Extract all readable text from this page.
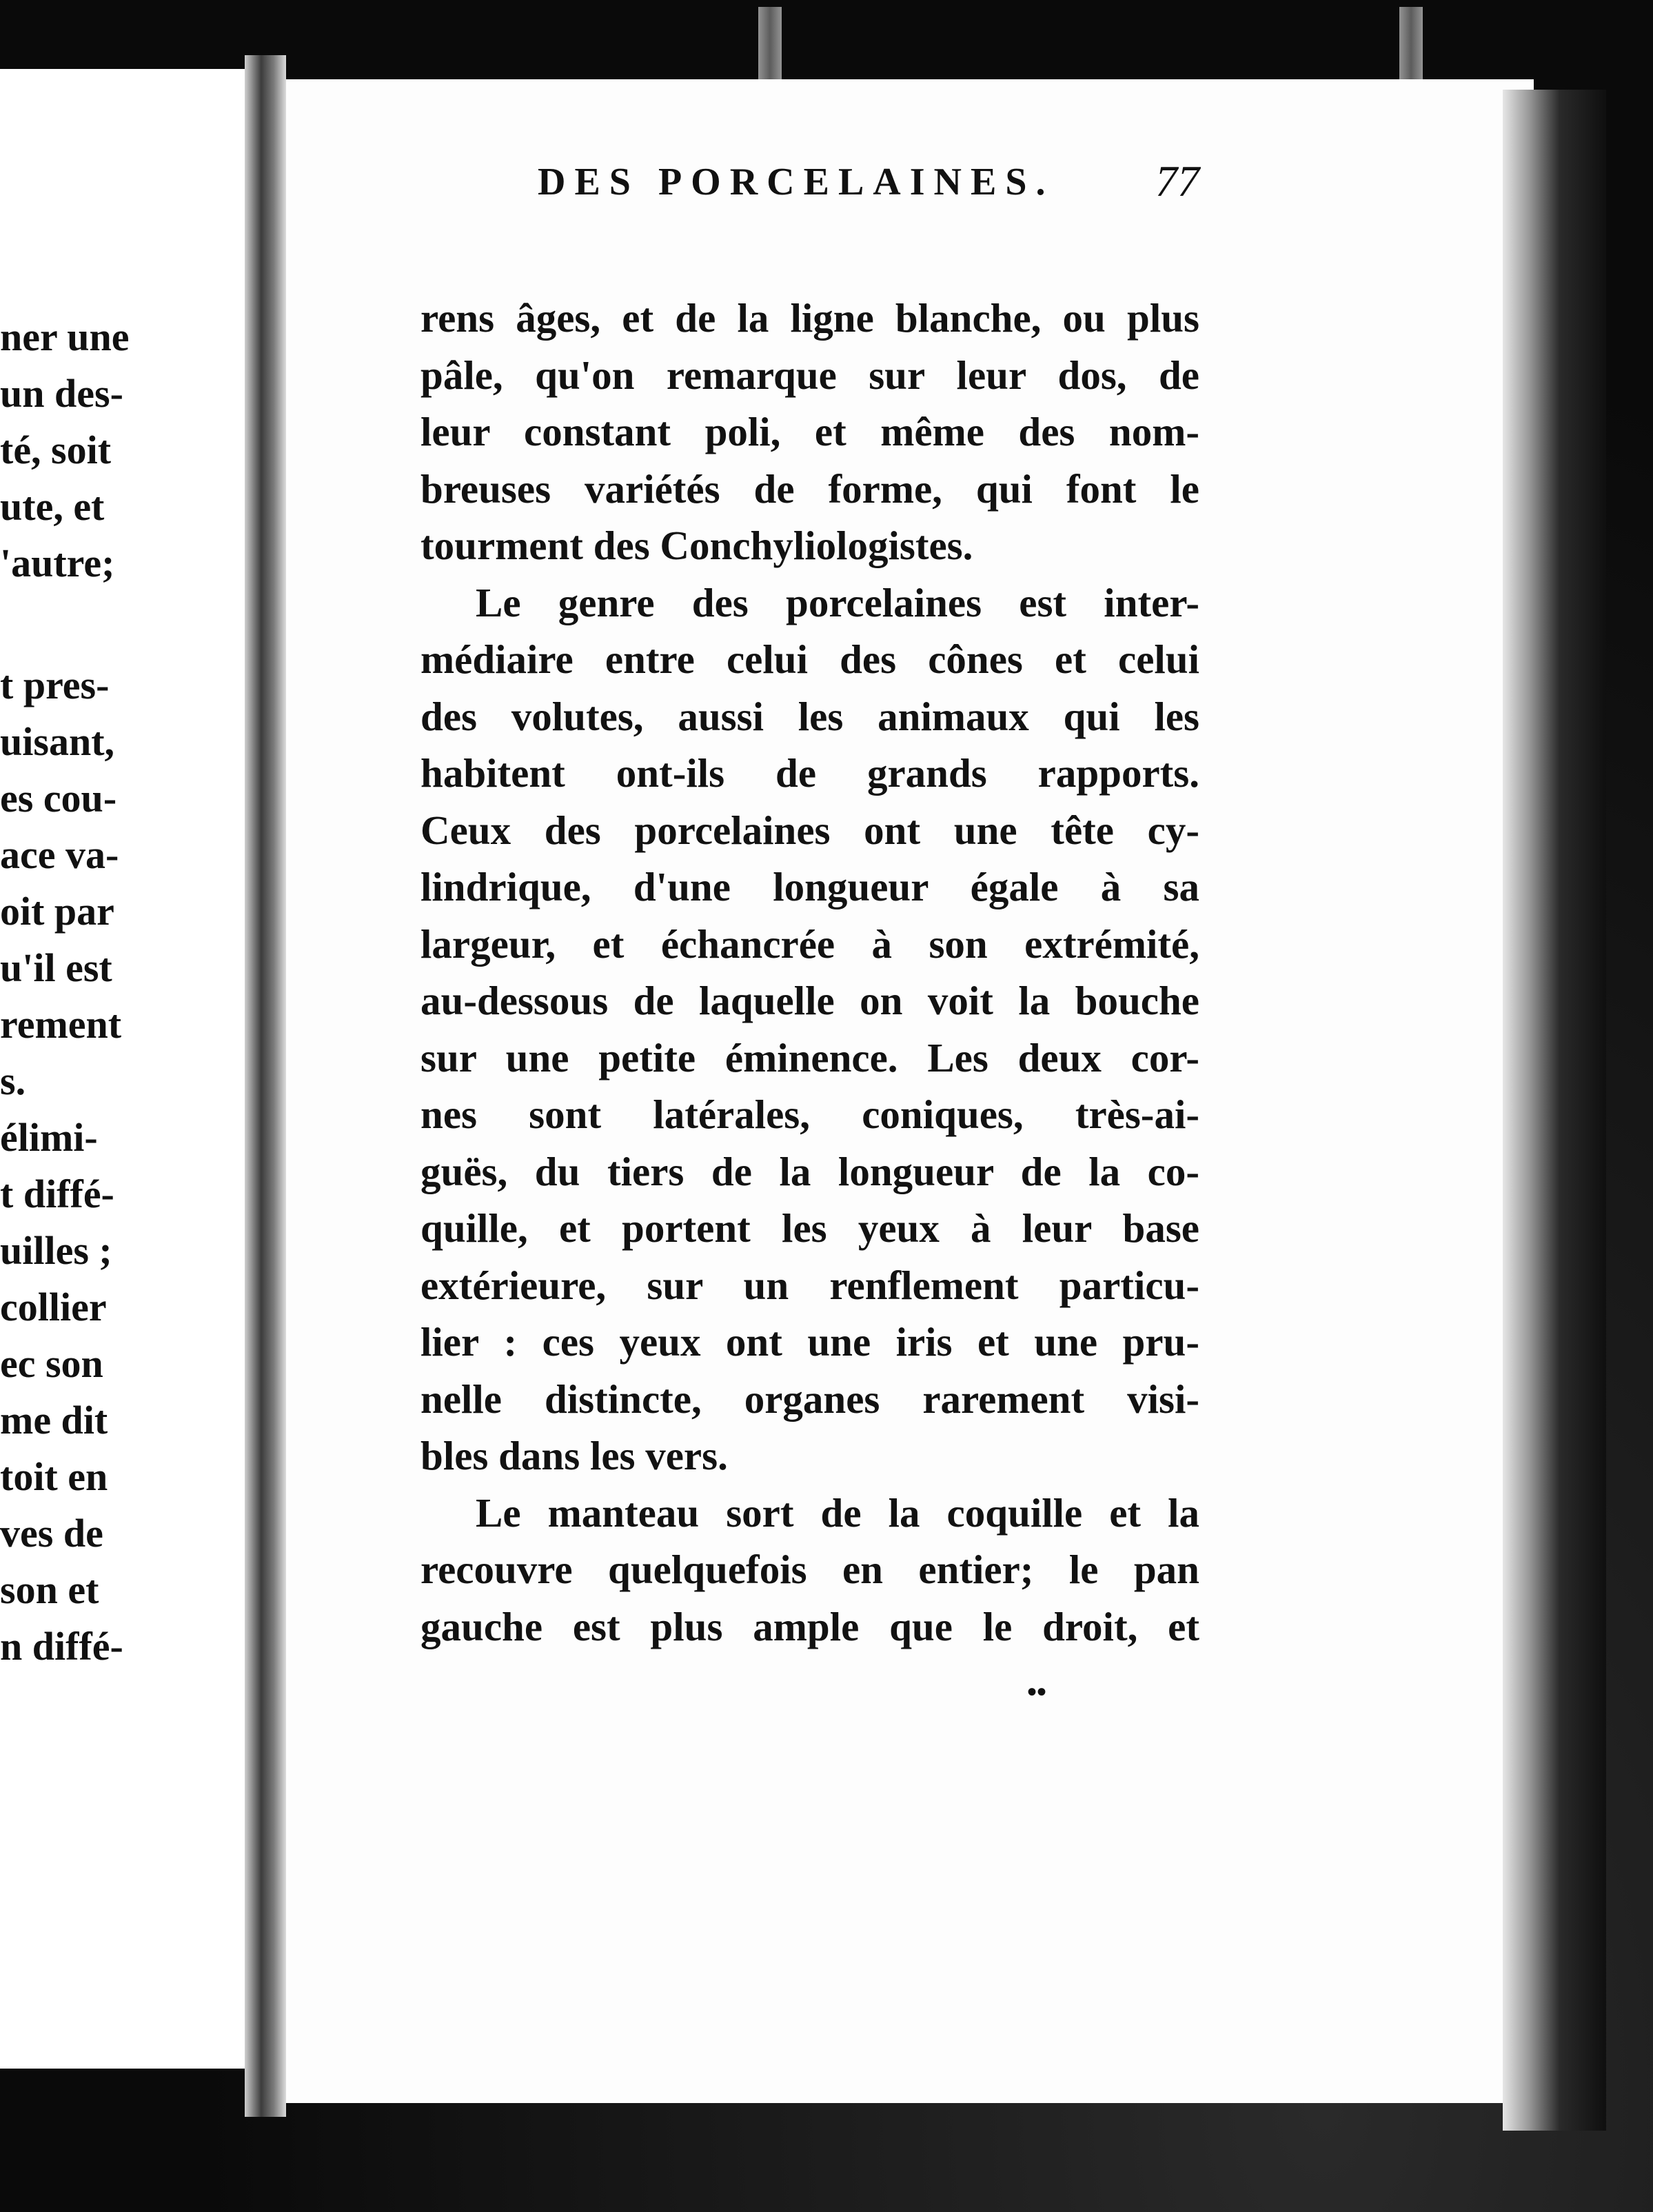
ner une
un des-
té, soit
ute, et
'autre;
t pres-
uisant,
es cou-
ace va-
oit par
u'il est
rement
s.
élimi-
t diffé-
uilles ;
collier
ec son
me dit
toit en
ves de
son et
n diffé-
DES PORCELAINES. 77
rens âges, et de la ligne blanche, ou plus
pâle, qu'on remarque sur leur dos, de
leur constant poli, et même des nom-
breuses variétés de forme, qui font le
tourment des Conchyliologistes.
Le genre des porcelaines est inter-
médiaire entre celui des cônes et celui
des volutes, aussi les animaux qui les
habitent ont-ils de grands rapports.
Ceux des porcelaines ont une tête cy-
lindrique, d'une longueur égale à sa
largeur, et échancrée à son extrémité,
au-dessous de laquelle on voit la bouche
sur une petite éminence. Les deux cor-
nes sont latérales, coniques, très-ai-
guës, du tiers de la longueur de la co-
quille, et portent les yeux à leur base
extérieure, sur un renflement particu-
lier : ces yeux ont une iris et une pru-
nelle distincte, organes rarement visi-
bles dans les vers.
Le manteau sort de la coquille et la
recouvre quelquefois en entier; le pan
gauche est plus ample que le droit, et
••
